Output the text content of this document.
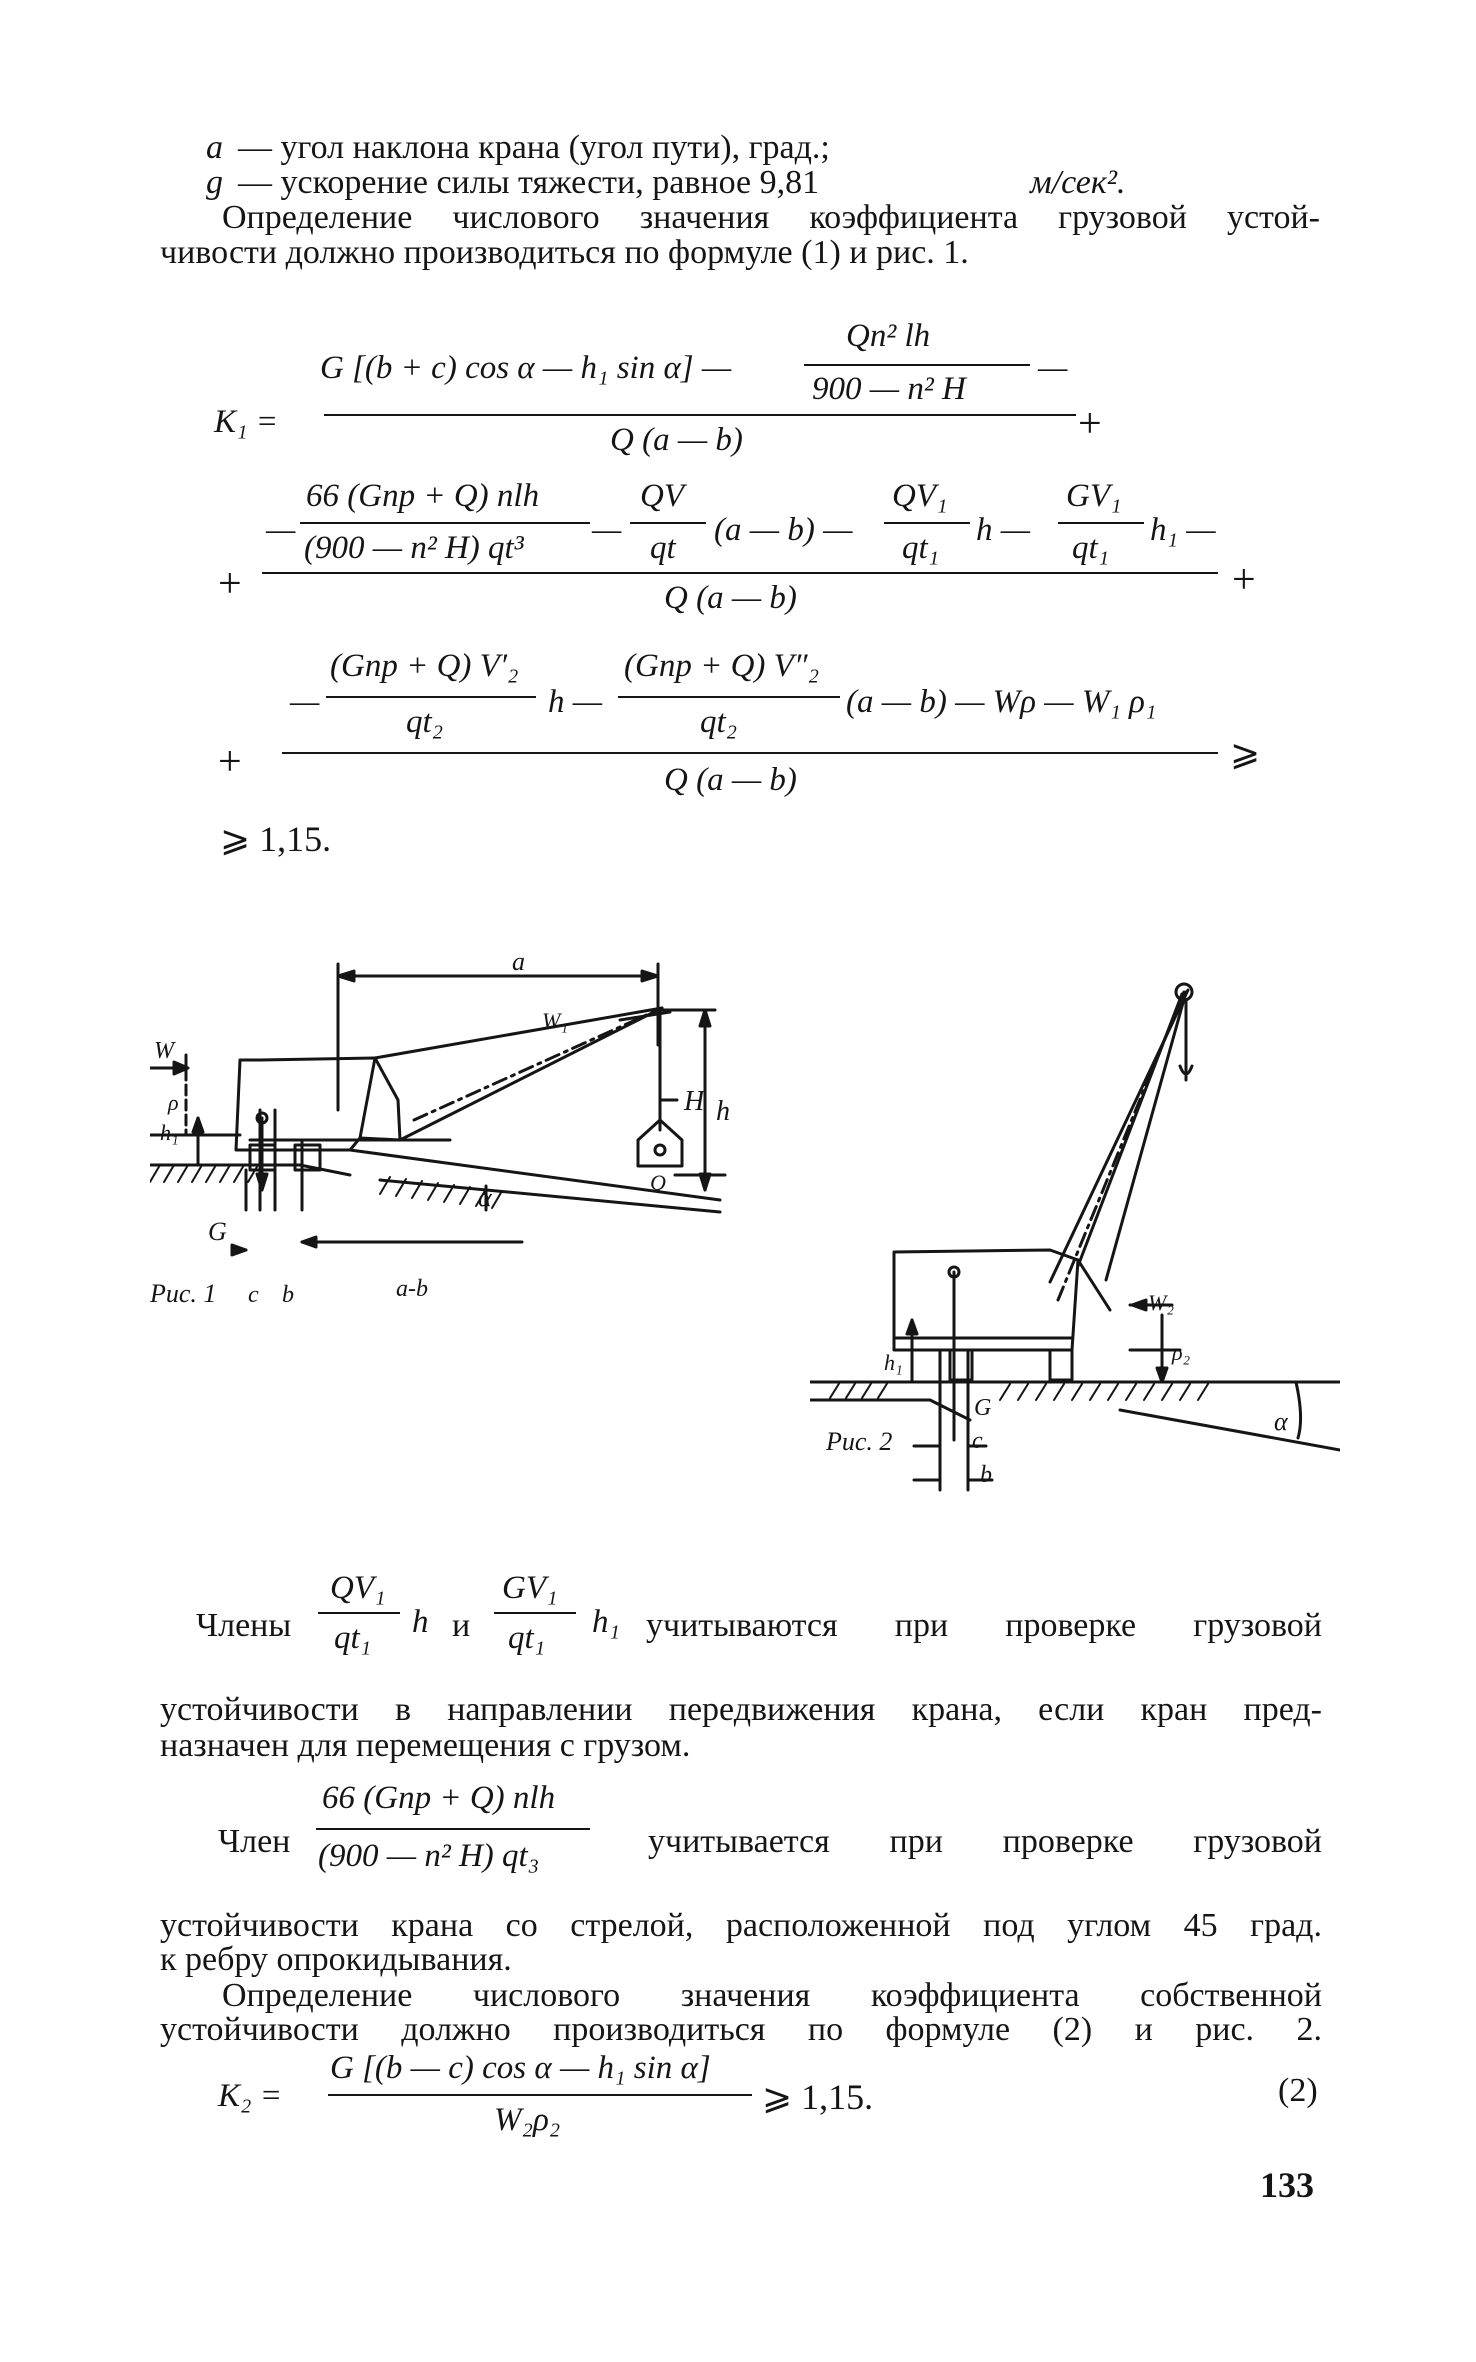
a — угол наклона крана (угол пути), град.;
g — ускорение силы тяжести, равное 9,81	м/сек².
Определение числового значения коэффициента грузовой устой-
чивости должно производиться по формуле (1) и рис. 1.
K₁ =
G [(b + c) cos α — h₁ sin α] —
Qn² lh
900 — n² H
—
Q (a — b)	+
+
—
66 (Gпр + Q) nlh
(900 — n² H) qt³ —
QV
qt (a — b) —
QV₁
qt₁ h —
GV₁
qt₁ h₁ —
Q (a — b)	+
+
—
(Gпр + Q) V′₂
qt₂
h —
(Gпр + Q) V″₂
qt₂
(a — b) — Wρ — W₁ ρ₁
Q (a — b)
⩾
⩾ 1,15.
a
W₁
W
ρ
h₁
H h
G
Q
α
c b	a-b
Рис. 1	W₂
ρ₂
h₁
G
c
b
α
Рис. 2
Члены
QV₁
qt₁ h и
GV₁
qt₁ h₁ учитываются при проверке грузовой
устойчивости в направлении передвижения крана, если кран пред-
назначен для перемещения с грузом.
Член
66 (Gпр + Q) nlh
(900 — n² H) qt₃	учитывается при проверке грузовой
устойчивости крана со стрелой, расположенной под углом 45 град.
к ребру опрокидывания.
Определение числового значения коэффициента собственной
устойчивости должно производиться по формуле (2) и рис. 2.
K₂ =
G [(b — c) cos α — h₁ sin α]
W₂ρ₂
⩾ 1,15.	(2)
133
